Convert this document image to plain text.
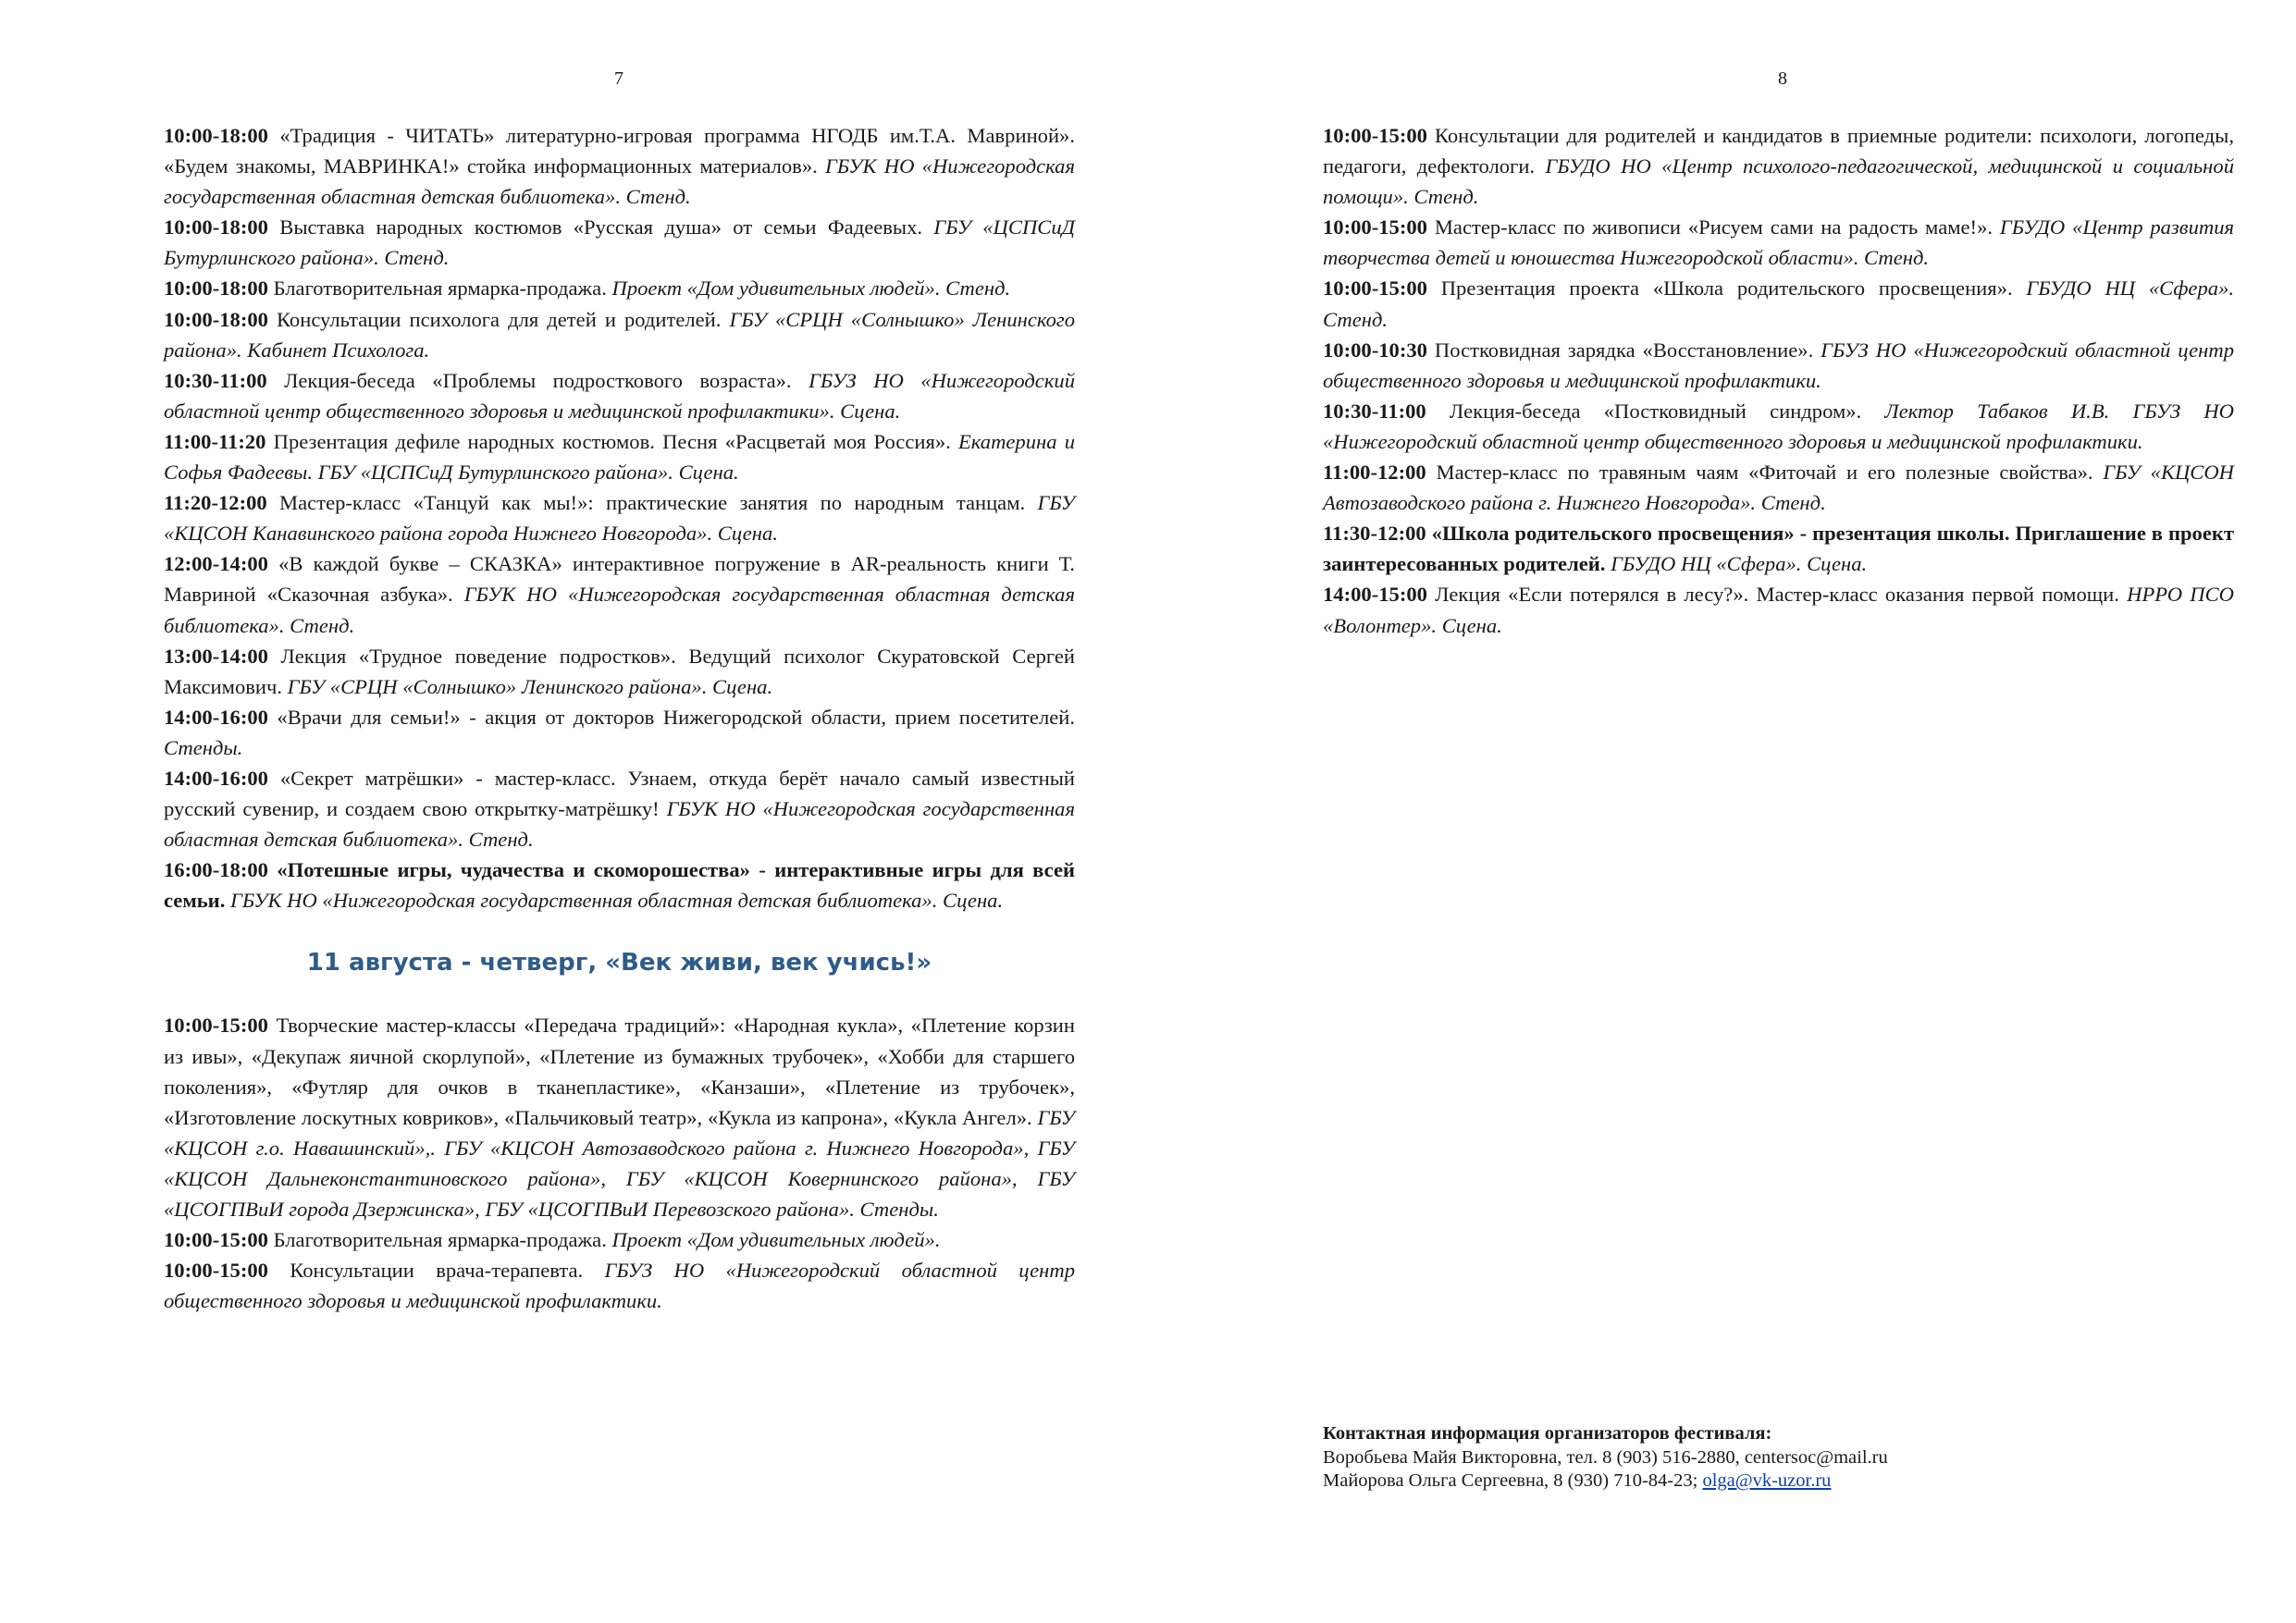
7

10:00-18:00 «Традиция - ЧИТАТЬ» литературно-игровая программа НГОДБ им.Т.А. Мавриной». «Будем знакомы, МАВРИНКА!» стойка информационных материалов». ГБУК НО «Нижегородская государственная областная детская библиотека». Стенд.

10:00-18:00 Выставка народных костюмов «Русская душа» от семьи Фадеевых. ГБУ «ЦСПСиД Бутурлинского района». Стенд.

10:00-18:00 Благотворительная ярмарка-продажа. Проект «Дом удивительных людей». Стенд.

10:00-18:00 Консультации психолога для детей и родителей. ГБУ «СРЦН «Солнышко» Ленинского района». Кабинет Психолога.

10:30-11:00 Лекция-беседа «Проблемы подросткового возраста». ГБУЗ НО «Нижегородский областной центр общественного здоровья и медицинской профилактики». Сцена.

11:00-11:20 Презентация дефиле народных костюмов. Песня «Расцветай моя Россия». Екатерина и Софья Фадеевы. ГБУ «ЦСПСиД Бутурлинского района». Сцена.

11:20-12:00 Мастер-класс «Танцуй как мы!»: практические занятия по народным танцам. ГБУ «КЦСОН Канавинского района города Нижнего Новгорода». Сцена.

12:00-14:00 «В каждой букве – СКАЗКА» интерактивное погружение в AR-реальность книги Т. Мавриной «Сказочная азбука». ГБУК НО «Нижегородская государственная областная детская библиотека». Стенд.

13:00-14:00 Лекция «Трудное поведение подростков». Ведущий психолог Скуратовской Сергей Максимович. ГБУ «СРЦН «Солнышко» Ленинского района». Сцена.

14:00-16:00 «Врачи для семьи!» - акция от докторов Нижегородской области, прием посетителей. Стенды.

14:00-16:00 «Секрет матрёшки» - мастер-класс. Узнаем, откуда берёт начало самый известный русский сувенир, и создаем свою открытку-матрёшку! ГБУК НО «Нижегородская государственная областная детская библиотека». Стенд.

16:00-18:00 «Потешные игры, чудачества и скоморошества» - интерактивные игры для всей семьи. ГБУК НО «Нижегородская государственная областная детская библиотека». Сцена.

11 августа - четверг, «Век живи, век учись!»

10:00-15:00 Творческие мастер-классы «Передача традиций»: «Народная кукла», «Плетение корзин из ивы», «Декупаж яичной скорлупой», «Плетение из бумажных трубочек», «Хобби для старшего поколения», «Футляр для очков в тканепластике», «Канзаши», «Плетение из трубочек», «Изготовление лоскутных ковриков», «Пальчиковый театр», «Кукла из капрона», «Кукла Ангел». ГБУ «КЦСОН г.о. Навашинский»,. ГБУ «КЦСОН Автозаводского района г. Нижнего Новгорода», ГБУ «КЦСОН Дальнеконстантиновского района», ГБУ «КЦСОН Ковернинского района», ГБУ «ЦСОГПВиИ города Дзержинска», ГБУ «ЦСОГПВиИ Перевозского района». Стенды.

10:00-15:00 Благотворительная ярмарка-продажа. Проект «Дом удивительных людей».

10:00-15:00 Консультации врача-терапевта. ГБУЗ НО «Нижегородский областной центр общественного здоровья и медицинской профилактики.

8

10:00-15:00 Консультации для родителей и кандидатов в приемные родители: психологи, логопеды, педагоги, дефектологи. ГБУДО НО «Центр психолого-педагогической, медицинской и социальной помощи». Стенд.

10:00-15:00 Мастер-класс по живописи «Рисуем сами на радость маме!». ГБУДО «Центр развития творчества детей и юношества Нижегородской области». Стенд.

10:00-15:00 Презентация проекта «Школа родительского просвещения». ГБУДО НЦ «Сфера». Стенд.

10:00-10:30 Постковидная зарядка «Восстановление». ГБУЗ НО «Нижегородский областной центр общественного здоровья и медицинской профилактики.

10:30-11:00 Лекция-беседа «Постковидный синдром». Лектор Табаков И.В. ГБУЗ НО «Нижегородский областной центр общественного здоровья и медицинской профилактики.

11:00-12:00 Мастер-класс по травяным чаям «Фиточай и его полезные свойства». ГБУ «КЦСОН Автозаводского района г. Нижнего Новгорода». Стенд.

11:30-12:00 «Школа родительского просвещения» - презентация школы. Приглашение в проект заинтересованных родителей. ГБУДО НЦ «Сфера». Сцена.

14:00-15:00 Лекция «Если потерялся в лесу?». Мастер-класс оказания первой помощи. НРРО ПСО «Волонтер». Сцена.

Контактная информация организаторов фестиваля:
Воробьева Майя Викторовна, тел. 8 (903) 516-2880, centersoc@mail.ru
Майорова Ольга Сергеевна, 8 (930) 710-84-23; olga@vk-uzor.ru
